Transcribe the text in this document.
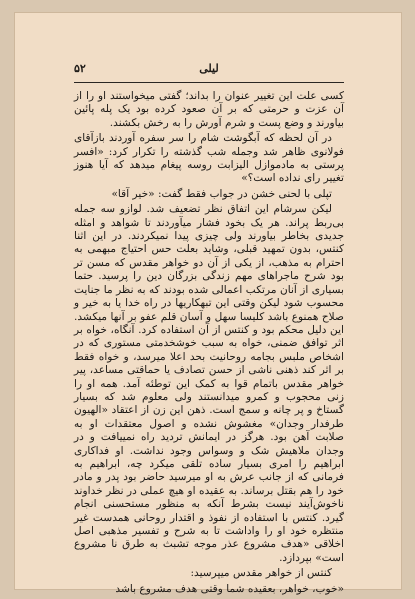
لیلی
۵۲

کسی علت این تغییر عنوان را بداند؛ گفتی میخواستند او را از آن عزت و حرمتی که بر آن صعود کرده بود یک پله پائین بیاورند و وضع پست و شرم آورش را به رخش بکشند.

در آن لحظه که آبگوشت شام را سر سفره آوردند بازآقای فولانوی ظاهر شد وجمله شب گذشته را تکرار کرد: «افسر پرستی به مادموازل الیزابت روسه پیغام میدهد که آیا هنوز تغییر رای نداده است؟»

تپلی با لحنی خشن در جواب فقط گفت: «خیر آقا»

لیکن سرشام این اتفاق نظر تضعیف شد. لوازو سه جمله بی‌ربط پراند. هر یک بخود فشار میآوردند تا شواهد و امثله جدیدی بخاطر بیاورند ولی چیزی پیدا نمیکردند. در این اثنا کنتس، بدون تمهید قبلی، وشاید بعلت حس احتیاج مبهمی به احترام به مذهب، از یکی از آن دو خواهر مقدس که مسن تر بود شرح ماجراهای مهم زندگی بزرگان دین را پرسید. حتما بسیاری از آنان مرتکب اعمالی شده بودند که به نظر ما جنایت محسوب شود لیکن وقتی این تبهکاریها در راه خدا یا به خیر و صلاح همنوع باشد کلیسا سهل و آسان قلم عفو بر آنها میکشد. این دلیل محکم بود و کنتس از آن استفاده کرد. آنگاه، خواه بر اثر توافق ضمنی، خواه به سبب خوشخدمتی مستوری که در اشخاص ملبس بجامه روحانیت بحد اعلا میرسد، و خواه فقط بر اثر کند ذهنی ناشی از حسن تصادف یا حماقتی مساعد، پیر خواهر مقدس باتمام قوا به کمک این توطئه آمد. همه او را زنی محجوب و کمرو میدانستند ولی معلوم شد که بسیار گستاخ و پر چانه و سمج است. ذهن این زن از اعتقاد «الهیون طرفدار وجدان» مغشوش نشده و اصول معتقدات او به صلابت آهن بود. هرگز در ایمانش تردید راه نمییافت و در وجدان ملاهیش شک و وسواس وجود نداشت. او فداکاری ابراهیم را امری بسیار ساده تلقی میکرد چه، ابراهیم به فرمانی که از جانب عرش به او میرسید حاضر بود پدر و مادر خود را هم بقتل برساند. به عقیده او هیچ عملی در نظر خداوند ناخوش‌آیند نیست بشرط آنکه به منظور مستحسنی انجام گیرد. کنتس با استفاده از نفوذ و اقتدار روحانی همدست غیر منتظره خود او را واداشت تا به شرح و تفسیر مذهبی اصل اخلاقی «هدف مشروع عذر موجه تشبث به طرق نا مشروع است» بپردازد.

کنتس از خواهر مقدس میپرسید:

«خوب، خواهر، بعقیده شما وقتی هدف مشروع باشد
